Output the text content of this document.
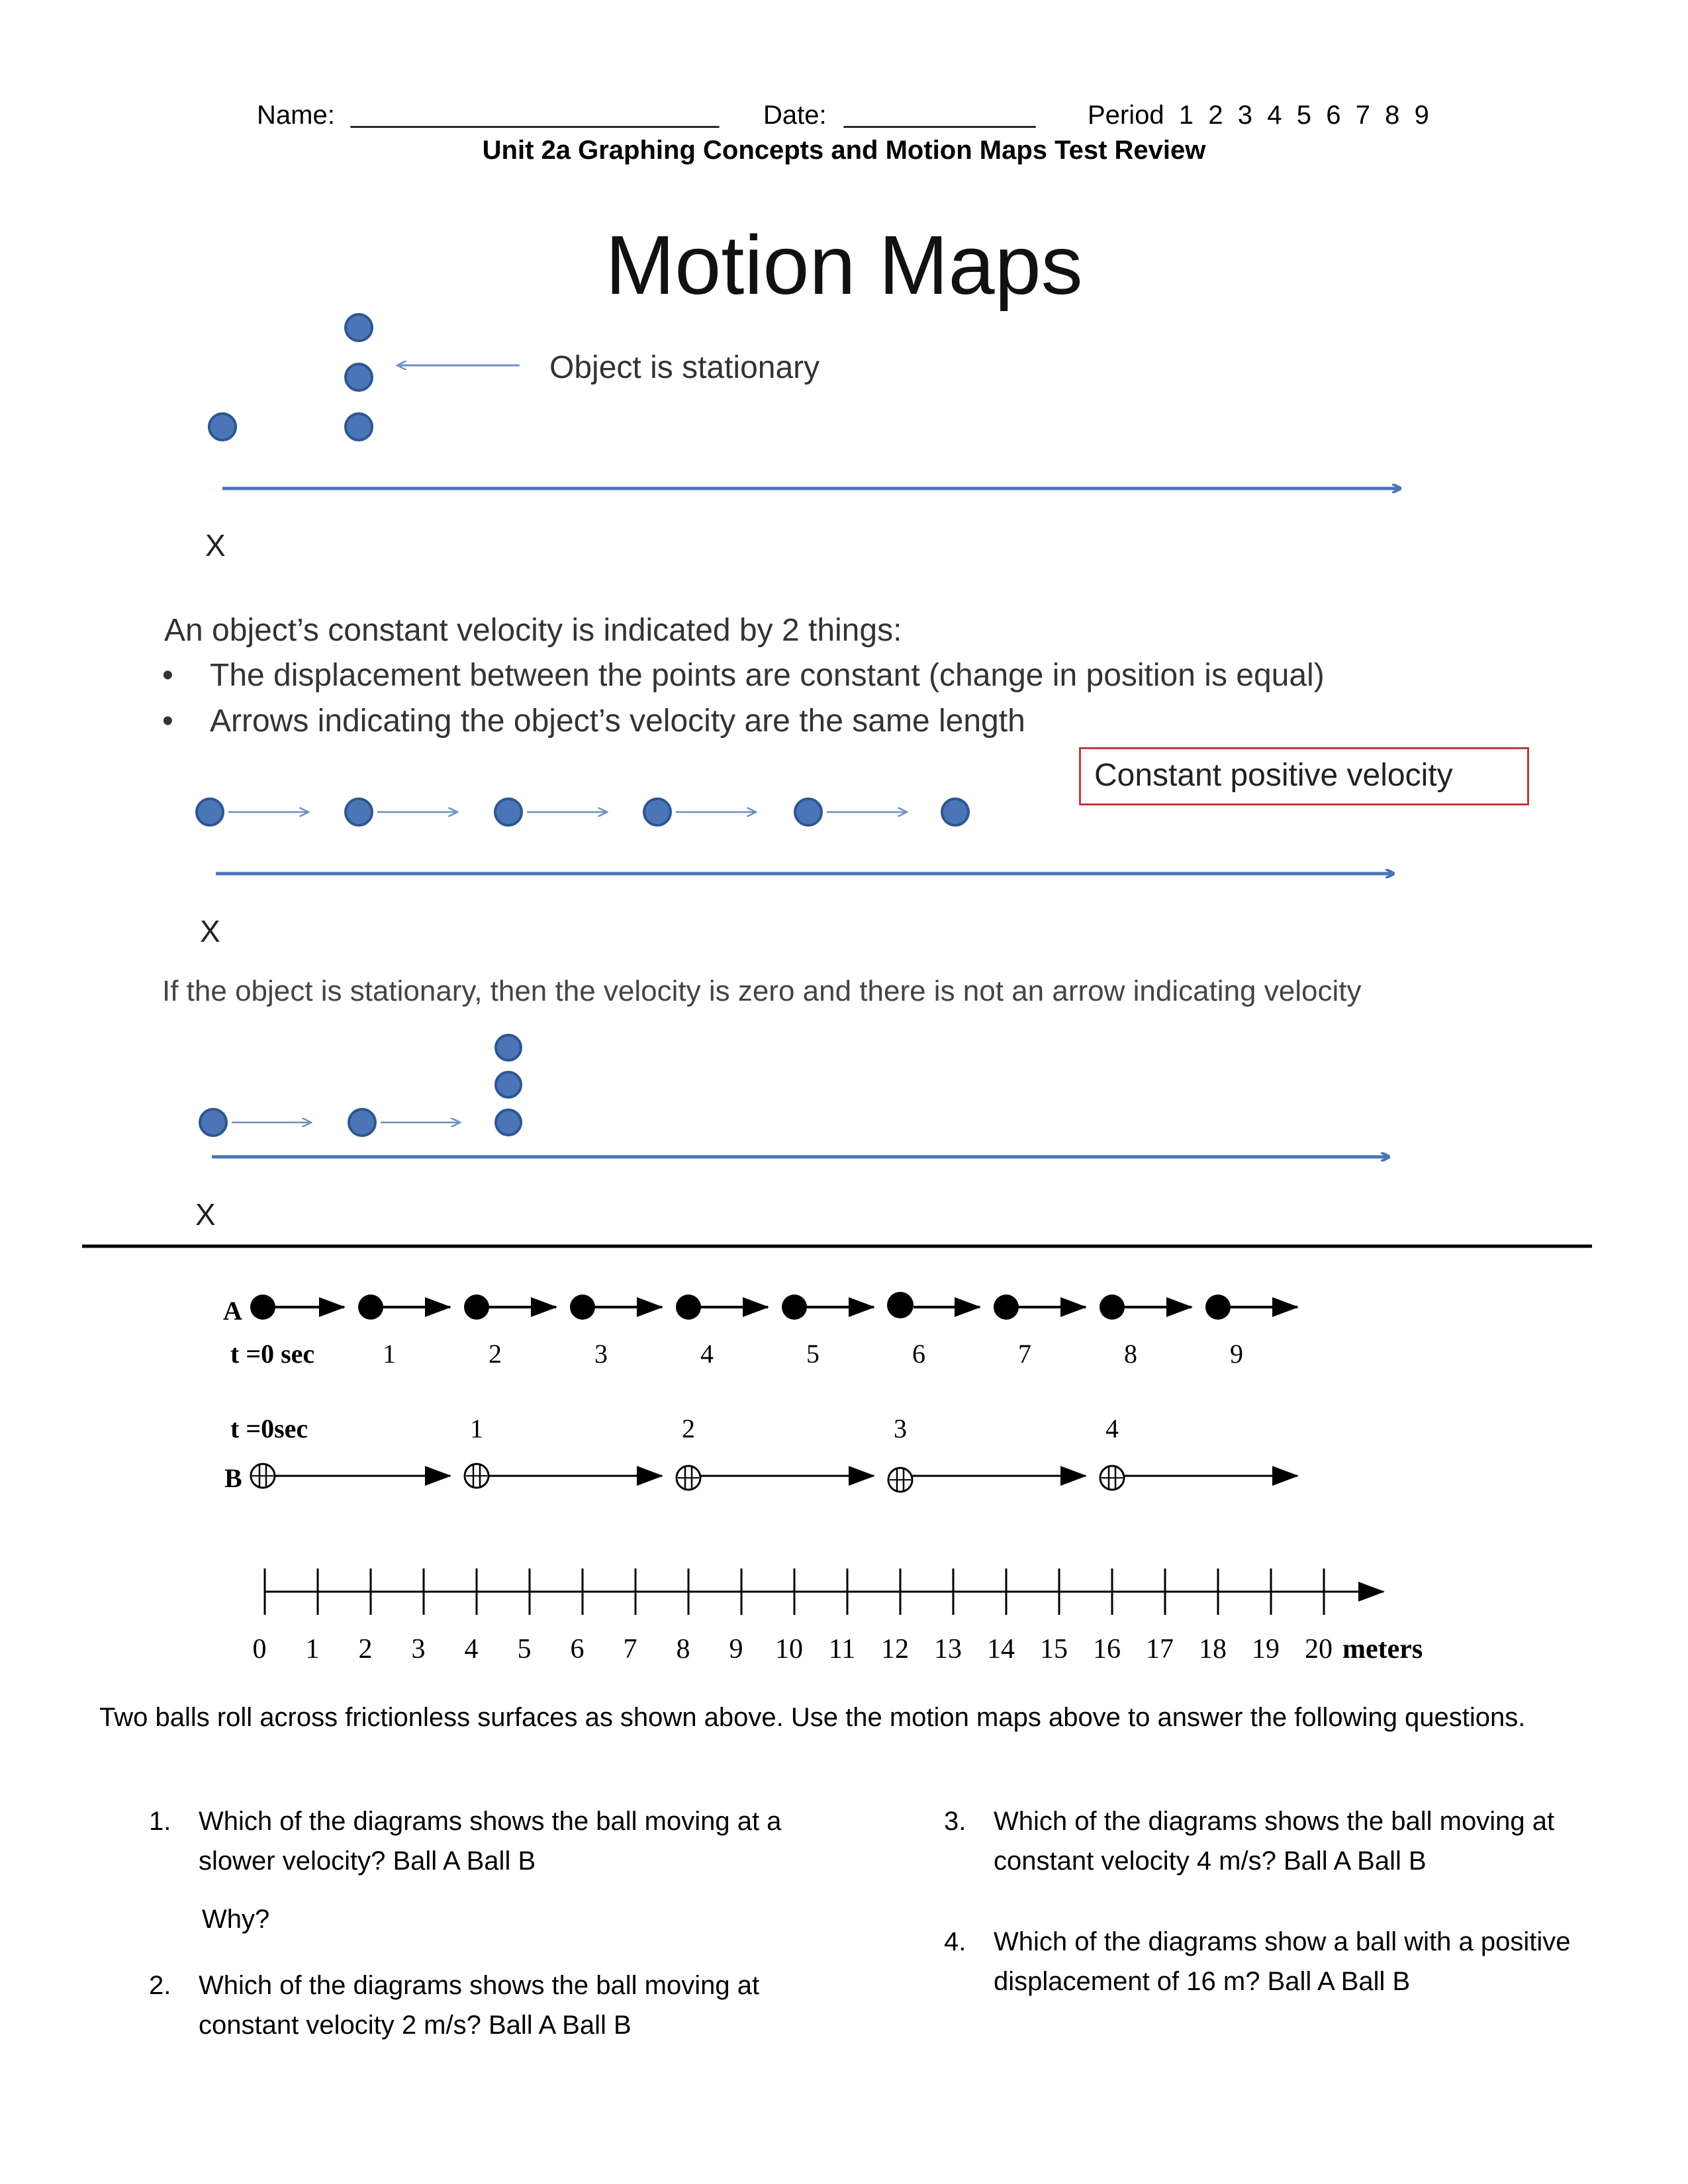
Name: _________________________ Date: _____________ Period  1  2  3  4  5  6  7  8  9
Unit 2a Graphing Concepts and Motion Maps Test Review
Motion Maps
Object is stationary
X
An object’s constant velocity is indicated by 2 things:
• The displacement between the points are constant (change in position is equal)
• Arrows indicating the object’s velocity are the same length
Constant positive velocity
X
If the object is stationary, then the velocity is zero and there is not an arrow indicating velocity
X
A
t =0 sec	1	2	3	4	5	6	7	8	9
t =0sec	1	2	3	4
B
0	1	2	3	4	5	6	7	8	9	10 11 12 13 14 15 16 17 18 19 20 meters
Two balls roll across frictionless surfaces as shown above. Use the motion maps above to answer the following questions.
1. Which of the diagrams shows the ball moving at a slower velocity? Ball A Ball B
Why?
2. Which of the diagrams shows the ball moving at constant velocity 2 m/s? Ball A Ball B
3. Which of the diagrams shows the ball moving at constant velocity 4 m/s? Ball A Ball B
4. Which of the diagrams show a ball with a positive displacement of 16 m? Ball A Ball B
